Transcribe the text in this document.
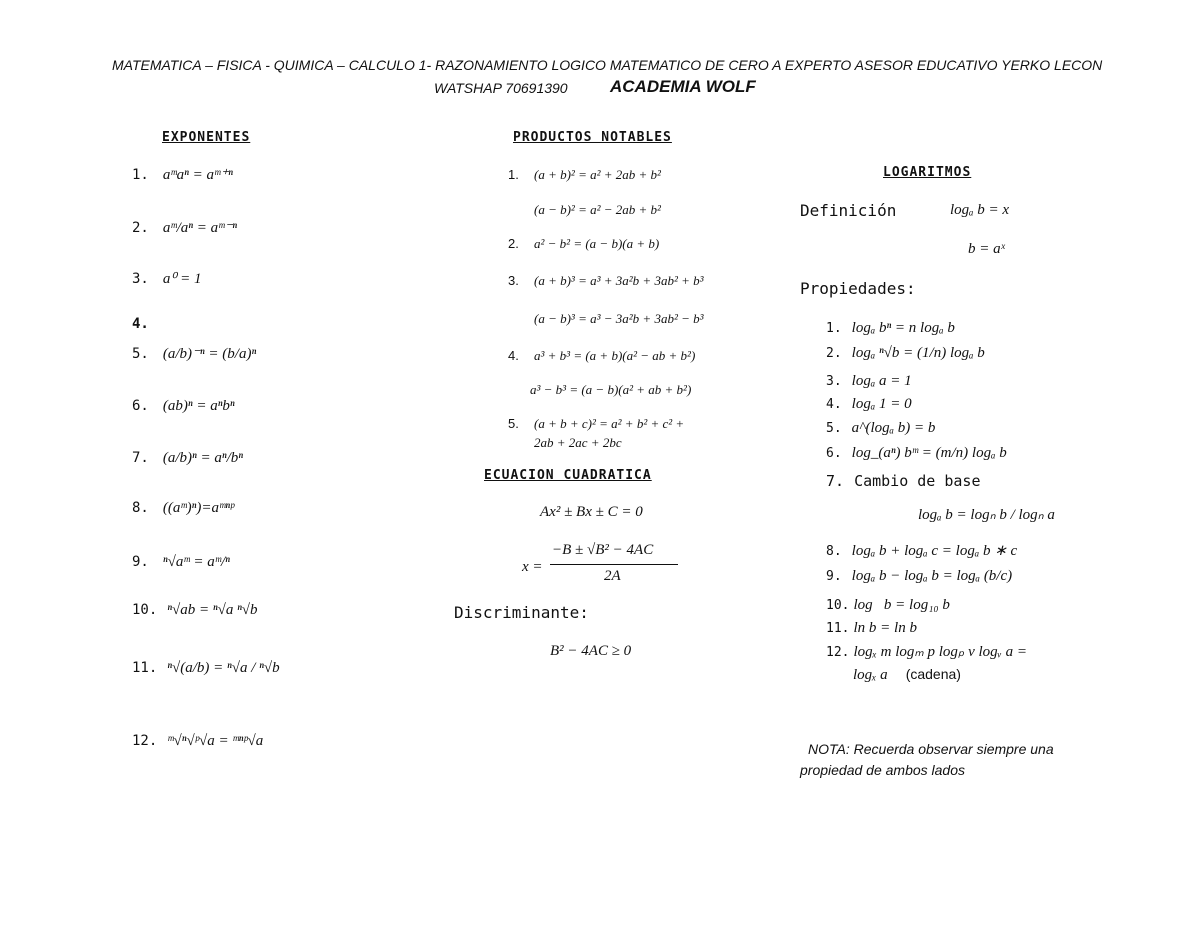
MATEMATICA – FISICA - QUIMICA – CALCULO 1- RAZONAMIENTO LOGICO MATEMATICO DE CERO A EXPERTO ASESOR EDUCATIVO YERKO LECON
WATSHAP 70691390 ACADEMIA WOLF
EXPONENTES
1. aᵐaⁿ = aᵐ⁺ⁿ
2. aᵐ/aⁿ = aᵐ⁻ⁿ
3. a⁰ = 1
4.
5. (a/b)⁻ⁿ = (b/a)ⁿ
6. (ab)ⁿ = aⁿbⁿ
7. (a/b)ⁿ = aⁿ/bⁿ
8. ((aᵐ)ⁿ)=aᵐⁿᵖ
9. ⁿ√aᵐ = aᵐ/ⁿ
10. ⁿ√ab = ⁿ√a ⁿ√b
11. ⁿ√(a/b) = ⁿ√a / ⁿ√b
12. ᵐ√ⁿ√ᵖ√a = ᵐⁿᵖ√a
PRODUCTOS NOTABLES
1. (a + b)² = a² + 2ab + b²
(a − b)² = a² − 2ab + b²
2. a² − b² = (a − b)(a + b)
3. (a + b)³ = a³ + 3a²b + 3ab² + b³
(a − b)³ = a³ − 3a²b + 3ab² − b³
4. a³ + b³ = (a + b)(a² − ab + b²)
a³ − b³ = (a − b)(a² + ab + b²)
5. (a + b + c)² = a² + b² + c² +
2ab + 2ac + 2bc
ECUACION CUADRATICA
Ax² ± Bx ± C = 0
x =
−B ± √B² − 4AC
2A
Discriminante:
B² − 4AC ≥ 0
LOGARITMOS
Definición	logₐ b = x
b = aˣ
Propiedades:
1. logₐ bⁿ = n logₐ b
2. logₐ ⁿ√b = (1/n) logₐ b
3. logₐ a = 1
4. logₐ 1 = 0
5. a^(logₐ b) = b
6. log_(aⁿ) bᵐ = (m/n) logₐ b
7. Cambio de base
logₐ b = logₙ b / logₙ a
8. logₐ b + logₐ c = logₐ b ∗ c
9. logₐ b − logₐ b = logₐ (b/c)
10. log   b = log₁₀ b
11. ln b = ln b
12. logₓ m logₘ p logₚ v logᵥ a =
logₓ a (cadena)
NOTA: Recuerda observar siempre una
propiedad de ambos lados
